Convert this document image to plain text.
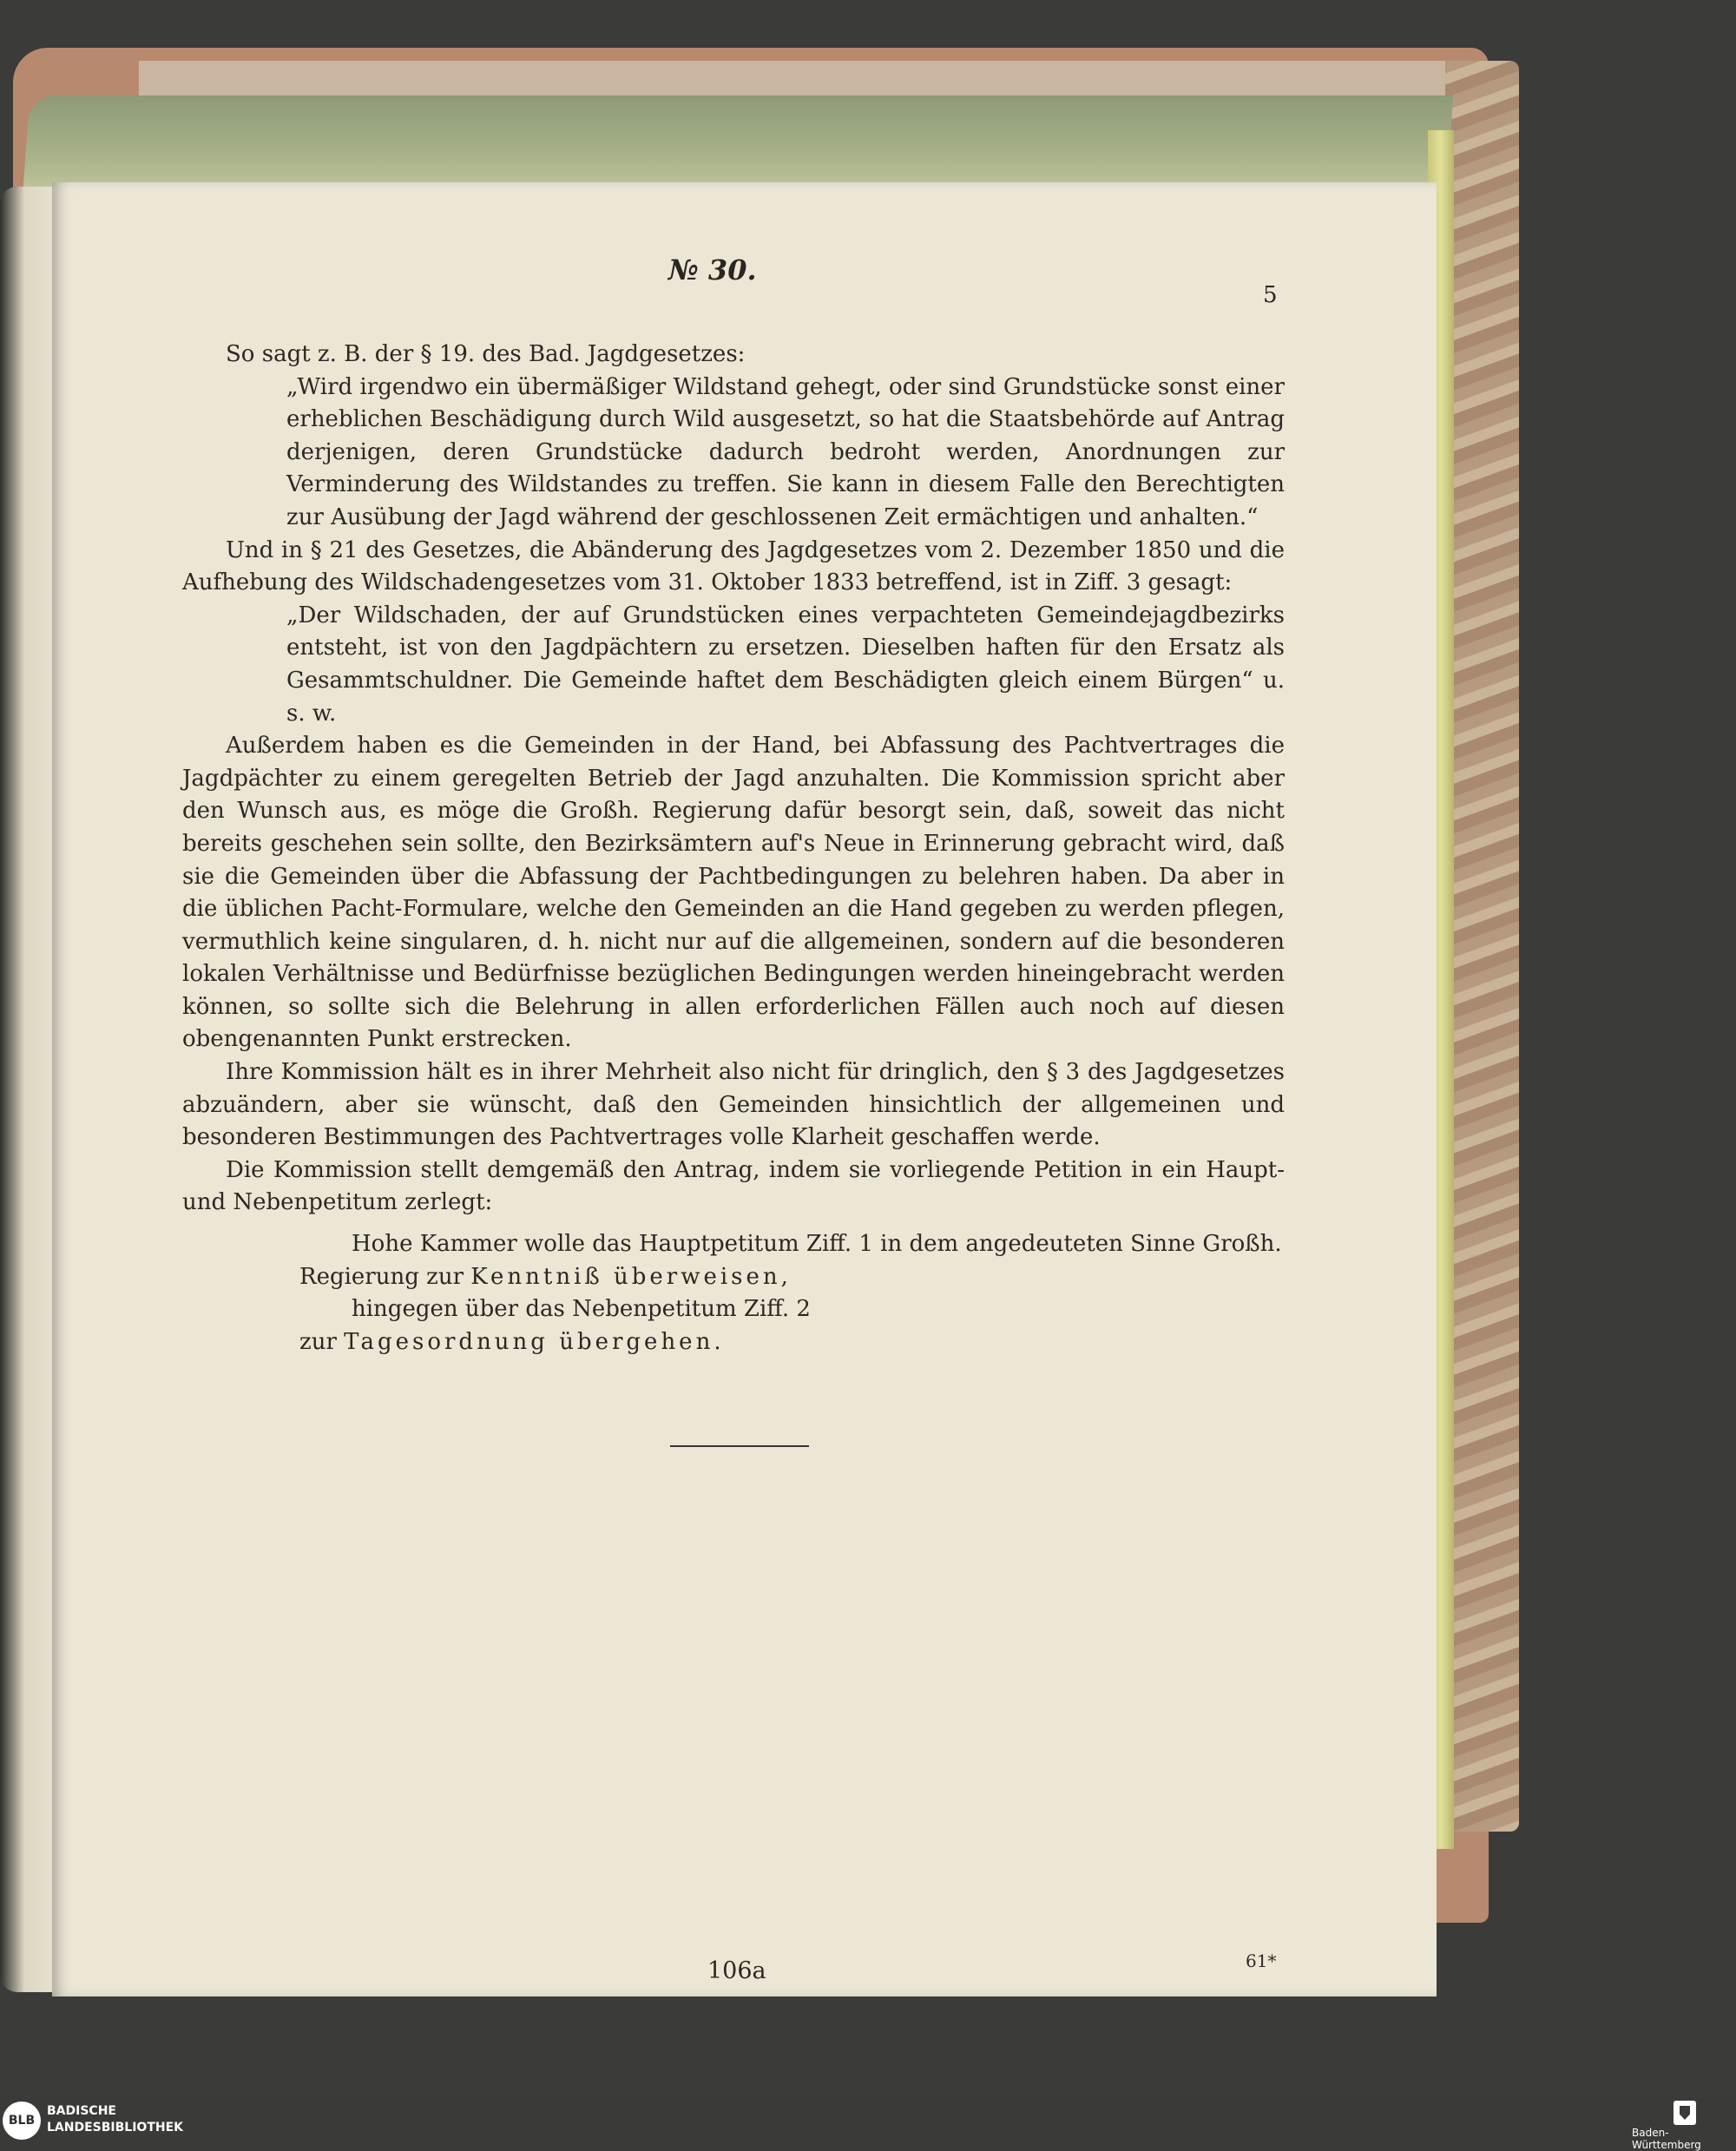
№ 30.
5

So sagt z. B. der § 19. des Bad. Jagdgesetzes:

„Wird irgendwo ein übermäßiger Wildstand gehegt, oder sind Grundstücke sonst einer erheblichen Beschädigung durch Wild ausgesetzt, so hat die Staatsbehörde auf Antrag derjenigen, deren Grundstücke dadurch bedroht werden, Anordnungen zur Verminderung des Wildstandes zu treffen. Sie kann in diesem Falle den Berechtigten zur Ausübung der Jagd während der geschlossenen Zeit ermächtigen und anhalten.“

Und in § 21 des Gesetzes, die Abänderung des Jagdgesetzes vom 2. Dezember 1850 und die Aufhebung des Wildschadengesetzes vom 31. Oktober 1833 betreffend, ist in Ziff. 3 gesagt:

„Der Wildschaden, der auf Grundstücken eines verpachteten Gemeindejagdbezirks entsteht, ist von den Jagdpächtern zu ersetzen. Dieselben haften für den Ersatz als Gesammtschuldner. Die Gemeinde haftet dem Beschädigten gleich einem Bürgen“ u. s. w.

Außerdem haben es die Gemeinden in der Hand, bei Abfassung des Pachtvertrages die Jagdpächter zu einem geregelten Betrieb der Jagd anzuhalten. Die Kommission spricht aber den Wunsch aus, es möge die Großh. Regierung dafür besorgt sein, daß, soweit das nicht bereits geschehen sein sollte, den Bezirksämtern auf's Neue in Erinnerung gebracht wird, daß sie die Gemeinden über die Abfassung der Pachtbedingungen zu belehren haben. Da aber in die üblichen Pacht-Formulare, welche den Gemeinden an die Hand gegeben zu werden pflegen, vermuthlich keine singularen, d. h. nicht nur auf die allgemeinen, sondern auf die besonderen lokalen Verhältnisse und Bedürfnisse bezüglichen Bedingungen werden hineingebracht werden können, so sollte sich die Belehrung in allen erforderlichen Fällen auch noch auf diesen obengenannten Punkt erstrecken.

Ihre Kommission hält es in ihrer Mehrheit also nicht für dringlich, den § 3 des Jagdgesetzes abzuändern, aber sie wünscht, daß den Gemeinden hinsichtlich der allgemeinen und besonderen Bestimmungen des Pachtvertrages volle Klarheit geschaffen werde.

Die Kommission stellt demgemäß den Antrag, indem sie vorliegende Petition in ein Haupt- und Nebenpetitum zerlegt:

Hohe Kammer wolle das Hauptpetitum Ziff. 1 in dem angedeuteten Sinne Großh.
Regierung zur Kenntniß überweisen,
hingegen über das Nebenpetitum Ziff. 2
zur Tagesordnung übergehen.
106a	61*
BLB
BADISCHE
LANDESBIBLIOTHEK	Baden-Württemberg
